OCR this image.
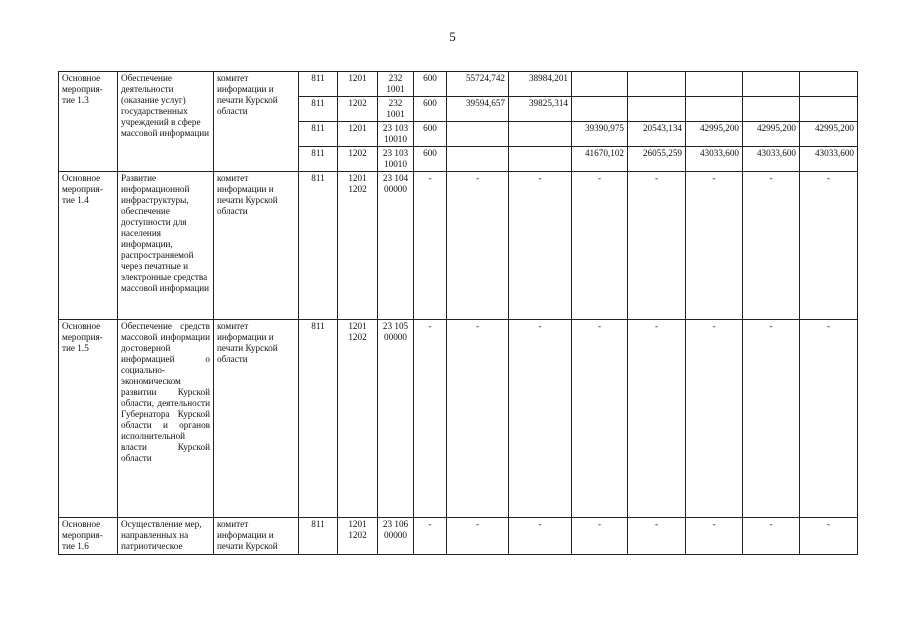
5
Основное мероприя-тие 1.3	Обеспечение деятельности (оказание услуг) государственных учреждений в сфере массовой информации	комитет информации и печати Курской области	811	1201	232 1001	600	55724,742	38984,201					
			811	1202	232 1001	600	39594,657	39825,314					
			811	1201	23 103 10010	600			39390,975	20543,134	42995,200	42995,200	42995,200
			811	1202	23 103 10010	600			41670,102	26055,259	43033,600	43033,600	43033,600
Основное мероприя-тие 1.4	Развитие информационной инфраструктуры, обеспечение доступности для населения информации, распространяемой через печатные и электронные средства массовой информации	комитет информации и печати Курской области	811	1201 1202	23 104 00000	-	-	-	-	-	-	-	-
Основное мероприя-тие 1.5	Обеспечение средств массовой информации достоверной информацией о социально-экономическом развитии Курской области, деятельности Губернатора Курской области и органов исполнительной власти Курской области	комитет информации и печати Курской области	811	1201 1202	23 105 00000	-	-	-	-	-	-	-	-
Основное мероприя-тие 1.6	Осуществление мер, направленных на патриотическое	комитет информации и печати Курской	811	1201 1202	23 106 00000	-	-	-	-	-	-	-	-
